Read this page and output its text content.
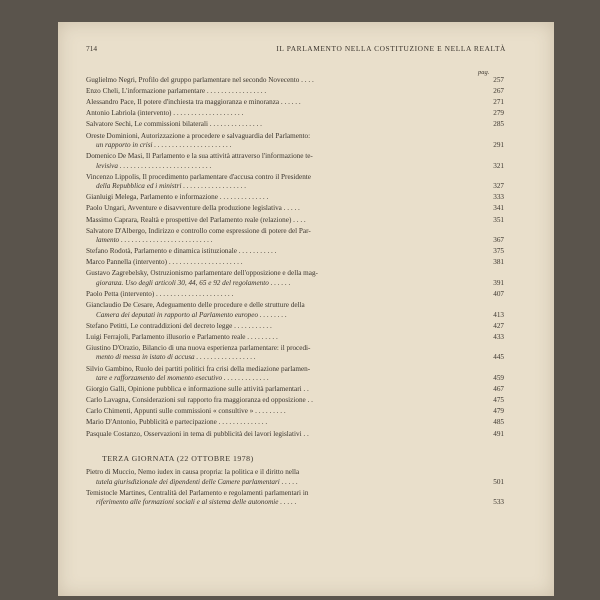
714	IL PARLAMENTO NELLA COSTITUZIONE E NELLA REALTÀ
pag.
Guglielmo Negri, Profilo del gruppo parlamentare nel secondo Novecento . . . .	257
Enzo Cheli, L'informazione parlamentare . . . . . . . . . . . . . . . . .	267
Alessandro Pace, Il potere d'inchiesta tra maggioranza e minoranza . . . . . .	271
Antonio Labriola (intervento) . . . . . . . . . . . . . . . . . . . .	279
Salvatore Sechi, Le commissioni bilaterali . . . . . . . . . . . . . . .	285
Oreste Dominioni, Autorizzazione a procedere e salvaguardia del Parlamento:
un rapporto in crisi . . . . . . . . . . . . . . . . . . . . . .	291
Domenico De Masi, Il Parlamento e la sua attività attraverso l'informazione te-
levisiva . . . . . . . . . . . . . . . . . . . . . . . . . .	321
Vincenzo Lippolis, Il procedimento parlamentare d'accusa contro il Presidente
della Repubblica ed i ministri . . . . . . . . . . . . . . . . . .	327
Gianluigi Melega, Parlamento e informazione . . . . . . . . . . . . . .	333
Paolo Ungari, Avventure e disavventure della produzione legislativa . . . . .	341
Massimo Caprara, Realtà e prospettive del Parlamento reale (relazione) . . . .	351
Salvatore D'Albergo, Indirizzo e controllo come espressione di potere del Par-
lamento . . . . . . . . . . . . . . . . . . . . . . . . . .	367
Stefano Rodotà, Parlamento e dinamica istituzionale . . . . . . . . . . .	375
Marco Pannella (intervento) . . . . . . . . . . . . . . . . . . . . .	381
Gustavo Zagrebelsky, Ostruzionismo parlamentare dell'opposizione e della mag-
gioranza. Uso degli articoli 30, 44, 65 e 92 del regolamento . . . . . .	391
Paolo Petta (intervento) . . . . . . . . . . . . . . . . . . . . . .	407
Gianclaudio De Cesare, Adeguamento delle procedure e delle strutture della
Camera dei deputati in rapporto al Parlamento europeo . . . . . . . .	413
Stefano Petitti, Le contraddizioni del decreto legge . . . . . . . . . . .	427
Luigi Ferrajoli, Parlamento illusorio e Parlamento reale . . . . . . . . .	433
Giustino D'Orazio, Bilancio di una nuova esperienza parlamentare: il procedi-
mento di messa in istato di accusa . . . . . . . . . . . . . . . . .	445
Silvio Gambino, Ruolo dei partiti politici fra crisi della mediazione parlamen-
tare e rafforzamento del momento esecutivo . . . . . . . . . . . . .	459
Giorgio Galli, Opinione pubblica e informazione sulle attività parlamentari . .	467
Carlo Lavagna, Considerazioni sul rapporto fra maggioranza ed opposizione . .	475
Carlo Chimenti, Appunti sulle commissioni « consultive » . . . . . . . . .	479
Mario D'Antonio, Pubblicità e partecipazione . . . . . . . . . . . . . .	485
Pasquale Costanzo, Osservazioni in tema di pubblicità dei lavori legislativi . .	491
TERZA GIORNATA (22 OTTOBRE 1978)
Pietro di Muccio, Nemo iudex in causa propria: la politica e il diritto nella
tutela giurisdizionale dei dipendenti delle Camere parlamentari . . . . .	501
Temistocle Martines, Centralità del Parlamento e regolamenti parlamentari in
riferimento alle formazioni sociali e al sistema delle autonomie . . . . .	533
